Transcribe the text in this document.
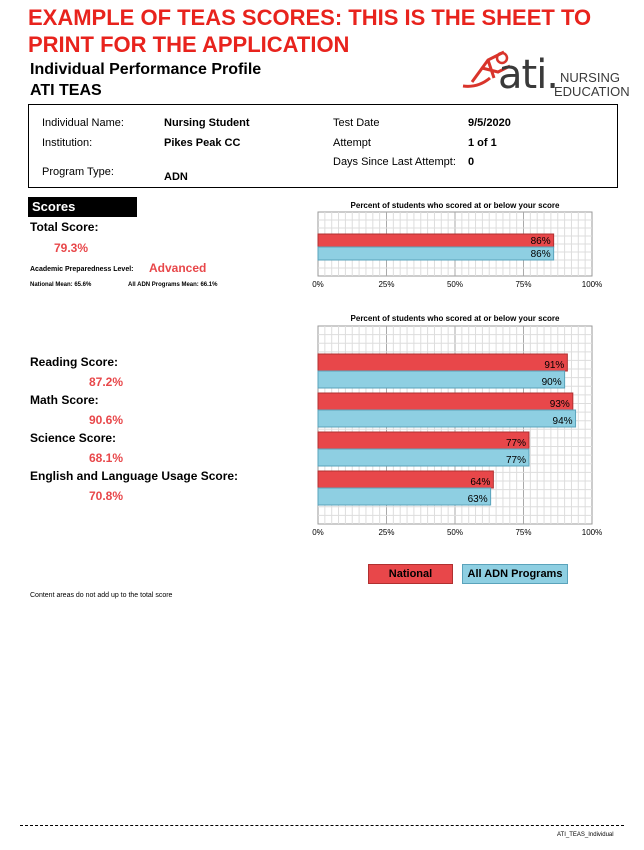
EXAMPLE OF TEAS SCORES: THIS IS THE SHEET TO PRINT FOR THE APPLICATION
Individual Performance Profile
ATI TEAS	ati. NURSING
EDUCATION
Individual Name:	Nursing Student
Institution:	Pikes Peak CC
Program Type:	ADN
Test Date	9/5/2020
Attempt	1 of 1
Days Since Last Attempt: 0
Scores
Total Score:
79.3%
Academic Preparedness Level: Advanced
National Mean: 65.6%	All ADN Programs Mean: 66.1%
Reading Score:
87.2%
Math Score:
90.6%
Science Score:
68.1%
English and Language Usage Score:
70.8%
Percent of students who scored at or below your score
86%
86%
0%	25%	50%	75%	100%
Percent of students who scored at or below your score
91%
90%
93%
94%
77%
77%
64%
63%
0%	25%	50%	75%	100%
National	All ADN Programs
Content areas do not add up to the total score
ATI_TEAS_Individual
